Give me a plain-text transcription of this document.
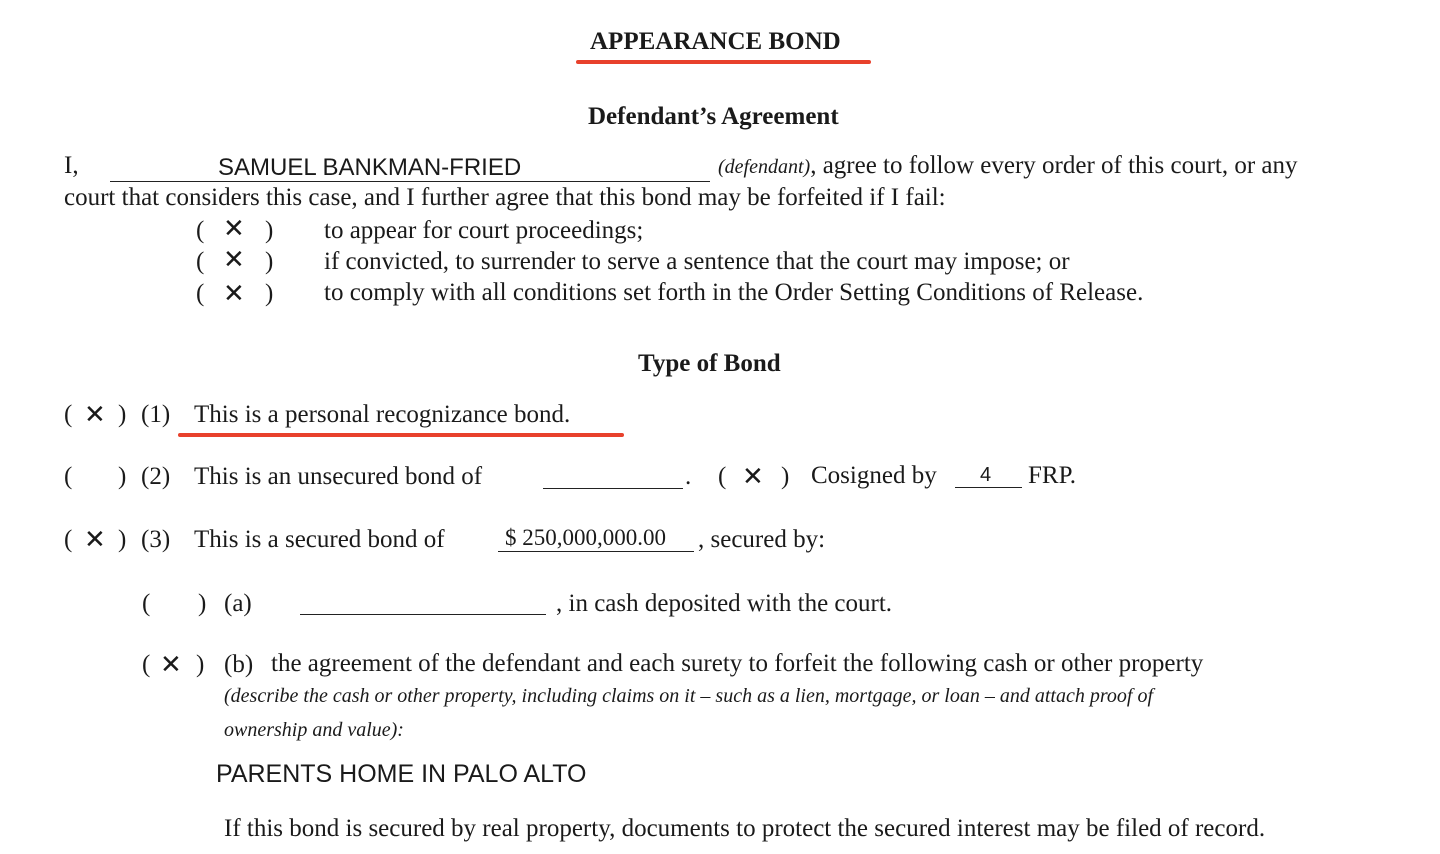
APPEARANCE BOND
Defendant’s Agreement
I,	SAMUEL BANKMAN-FRIED	(defendant), agree to follow every order of this court, or any
court that considers this case, and I further agree that this bond may be forfeited if I fail:
( ✕ ) to appear for court proceedings;
( ✕ ) if convicted, to surrender to serve a sentence that the court may impose; or
( ✕ ) to comply with all conditions set forth in the Order Setting Conditions of Release.
Type of Bond
( ✕ ) (1) This is a personal recognizance bond.
( ) (2) This is an unsecured bond of	. ( ✕ ) Cosigned by 4 FRP.
( ✕ ) (3) This is a secured bond of	$ 250,000,000.00 , secured by:
( ) (a)	, in cash deposited with the court.
( ✕ ) (b) the agreement of the defendant and each surety to forfeit the following cash or other property
(describe the cash or other property, including claims on it – such as a lien, mortgage, or loan – and attach proof of
ownership and value):
PARENTS HOME IN PALO ALTO
If this bond is secured by real property, documents to protect the secured interest may be filed of record.
